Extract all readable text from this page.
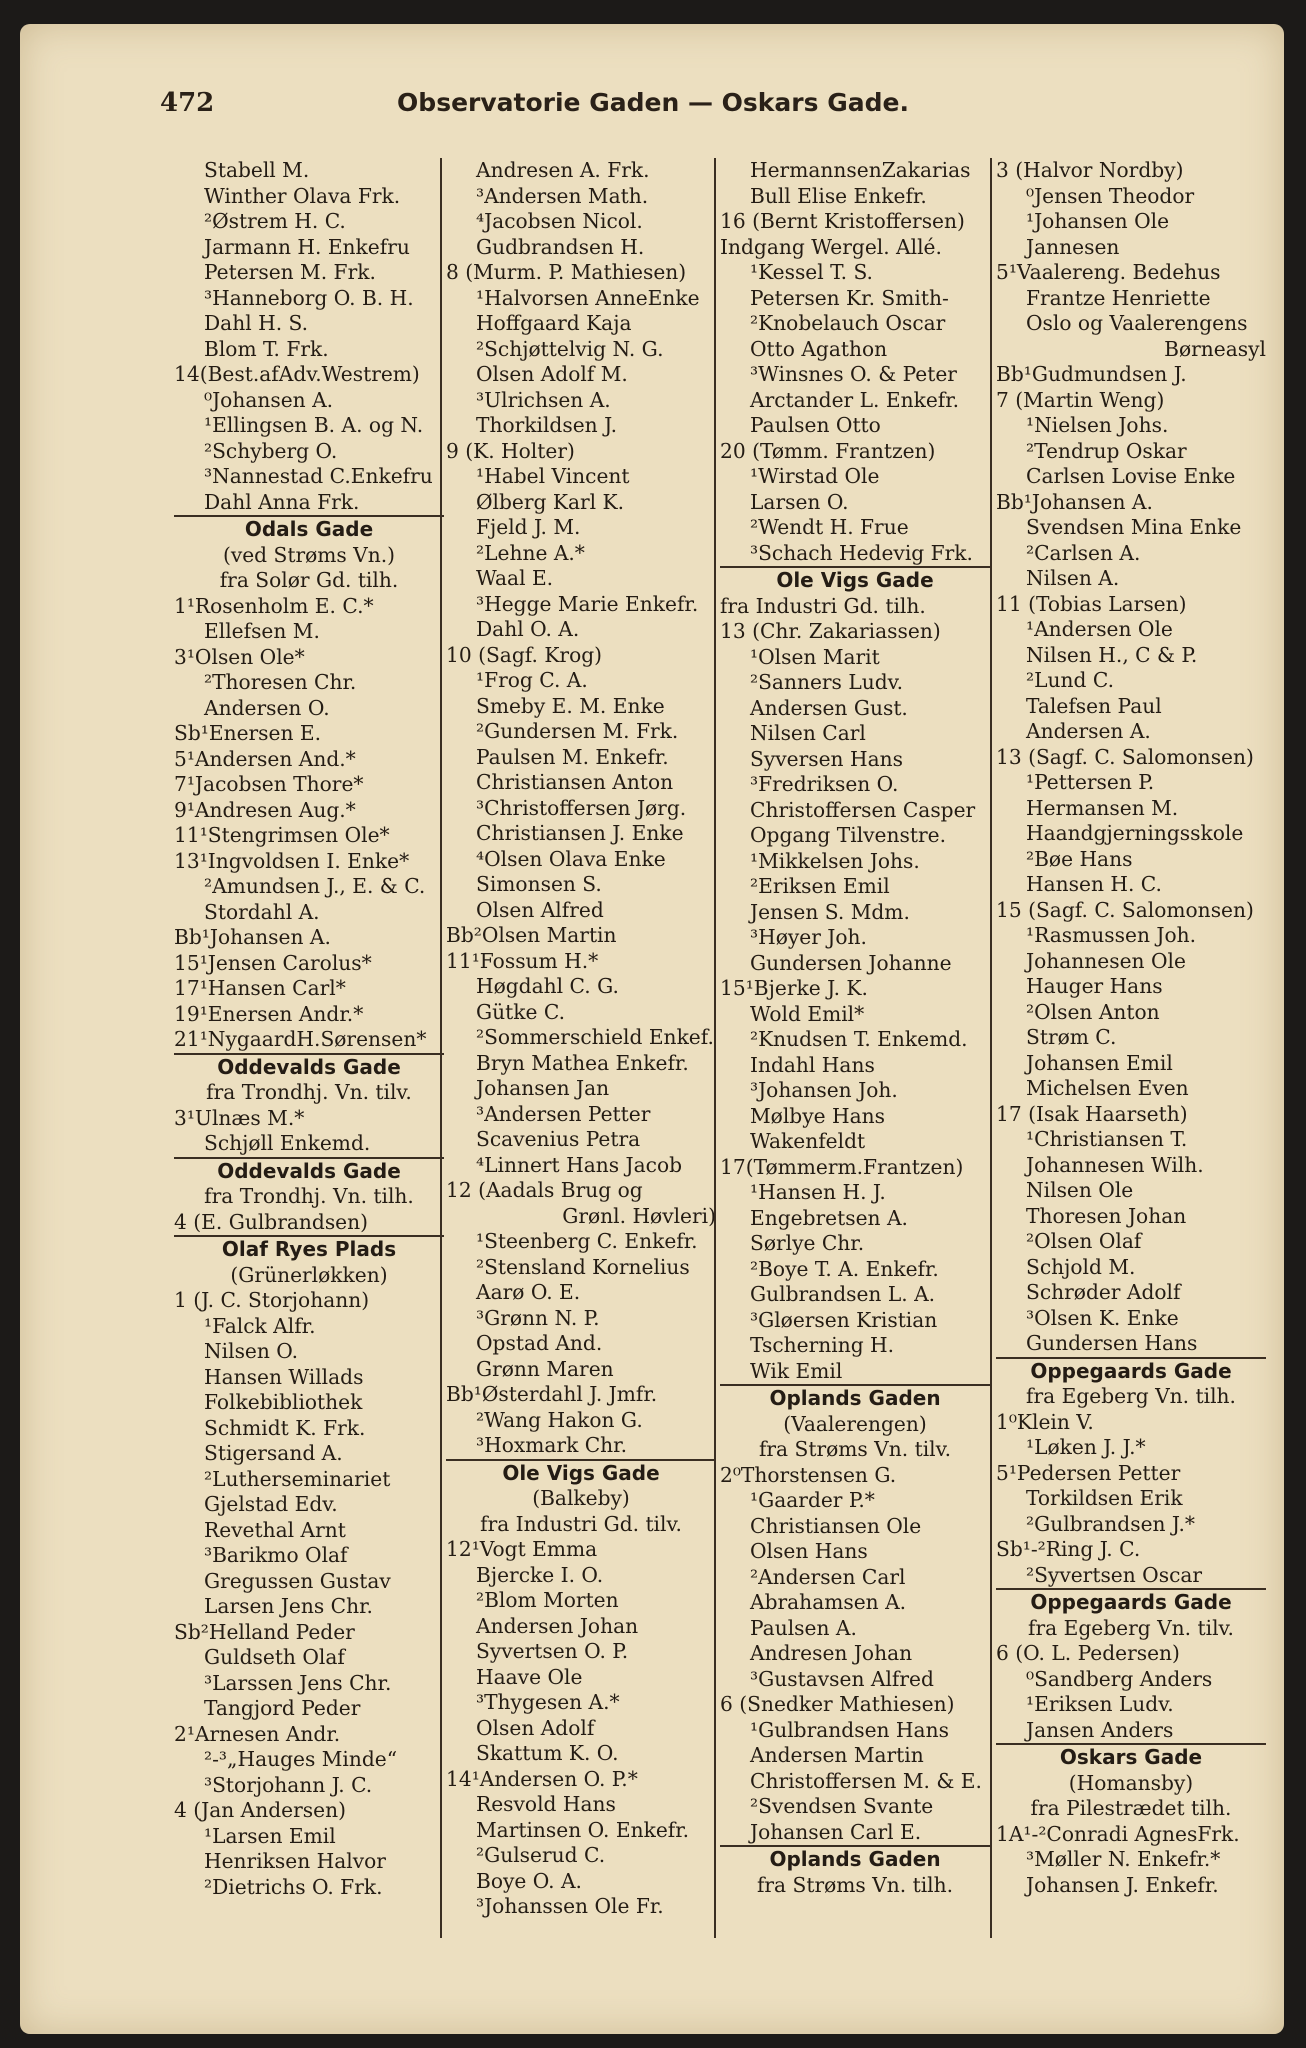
472	Observatorie Gaden — Oskars Gade.
Stabell M.
Winther Olava Frk.
²Østrem H. C.
Jarmann H. Enkefru
Petersen M. Frk.
³Hanneborg O. B. H.
Dahl H. S.
Blom T. Frk.
14(Best.afAdv.Westrem)
⁰Johansen A.
¹Ellingsen B. A. og N.
²Schyberg O.
³Nannestad C.Enkefru
Dahl Anna Frk.
Odals Gade
(ved Strøms Vn.)
fra Solør Gd. tilh.
1¹Rosenholm E. C.*
Ellefsen M.
3¹Olsen Ole*
²Thoresen Chr.
Andersen O.
Sb¹Enersen E.
5¹Andersen And.*
7¹Jacobsen Thore*
9¹Andresen Aug.*
11¹Stengrimsen Ole*
13¹Ingvoldsen I. Enke*
²Amundsen J., E. & C.
Stordahl A.
Bb¹Johansen A.
15¹Jensen Carolus*
17¹Hansen Carl*
19¹Enersen Andr.*
21¹NygaardH.Sørensen*
Oddevalds Gade
fra Trondhj. Vn. tilv.
3¹Ulnæs M.*
Schjøll Enkemd.
Oddevalds Gade
fra Trondhj. Vn. tilh.
4 (E. Gulbrandsen)
Olaf Ryes Plads
(Grünerløkken)
1 (J. C. Storjohann)
¹Falck Alfr.
Nilsen O.
Hansen Willads
Folkebibliothek
Schmidt K. Frk.
Stigersand A.
²Lutherseminariet
Gjelstad Edv.
Revethal Arnt
³Barikmo Olaf
Gregussen Gustav
Larsen Jens Chr.
Sb²Helland Peder
Guldseth Olaf
³Larssen Jens Chr.
Tangjord Peder
2¹Arnesen Andr.
²-³„Hauges Minde“
³Storjohann J. C.
4 (Jan Andersen)
¹Larsen Emil
Henriksen Halvor
²Dietrichs O. Frk.
Andresen A. Frk.
³Andersen Math.
⁴Jacobsen Nicol.
Gudbrandsen H.
8 (Murm. P. Mathiesen)
¹Halvorsen AnneEnke
Hoffgaard Kaja
²Schjøttelvig N. G.
Olsen Adolf M.
³Ulrichsen A.
Thorkildsen J.
9 (K. Holter)
¹Habel Vincent
Ølberg Karl K.
Fjeld J. M.
²Lehne A.*
Waal E.
³Hegge Marie Enkefr.
Dahl O. A.
10 (Sagf. Krog)
¹Frog C. A.
Smeby E. M. Enke
²Gundersen M. Frk.
Paulsen M. Enkefr.
Christiansen Anton
³Christoffersen Jørg.
Christiansen J. Enke
⁴Olsen Olava Enke
Simonsen S.
Olsen Alfred
Bb²Olsen Martin
11¹Fossum H.*
Høgdahl C. G.
Gütke C.
²Sommerschield Enkef.
Bryn Mathea Enkefr.
Johansen Jan
³Andersen Petter
Scavenius Petra
⁴Linnert Hans Jacob
12 (Aadals Brug og
Grønl. Høvleri)
¹Steenberg C. Enkefr.
²Stensland Kornelius
Aarø O. E.
³Grønn N. P.
Opstad And.
Grønn Maren
Bb¹Østerdahl J. Jmfr.
²Wang Hakon G.
³Hoxmark Chr.
Ole Vigs Gade
(Balkeby)
fra Industri Gd. tilv.
12¹Vogt Emma
Bjercke I. O.
²Blom Morten
Andersen Johan
Syvertsen O. P.
Haave Ole
³Thygesen A.*
Olsen Adolf
Skattum K. O.
14¹Andersen O. P.*
Resvold Hans
Martinsen O. Enkefr.
²Gulserud C.
Boye O. A.
³Johanssen Ole Fr.
HermannsenZakarias
Bull Elise Enkefr.
16 (Bernt Kristoffersen)
Indgang Wergel. Allé.
¹Kessel T. S.
Petersen Kr. Smith-
²Knobelauch Oscar
Otto Agathon
³Winsnes O. & Peter
Arctander L. Enkefr.
Paulsen Otto
20 (Tømm. Frantzen)
¹Wirstad Ole
Larsen O.
²Wendt H. Frue
³Schach Hedevig Frk.
Ole Vigs Gade
fra Industri Gd. tilh.
13 (Chr. Zakariassen)
¹Olsen Marit
²Sanners Ludv.
Andersen Gust.
Nilsen Carl
Syversen Hans
³Fredriksen O.
Christoffersen Casper
Opgang Tilvenstre.
¹Mikkelsen Johs.
²Eriksen Emil
Jensen S. Mdm.
³Høyer Joh.
Gundersen Johanne
15¹Bjerke J. K.
Wold Emil*
²Knudsen T. Enkemd.
Indahl Hans
³Johansen Joh.
Mølbye Hans
Wakenfeldt
17(Tømmerm.Frantzen)
¹Hansen H. J.
Engebretsen A.
Sørlye Chr.
²Boye T. A. Enkefr.
Gulbrandsen L. A.
³Gløersen Kristian
Tscherning H.
Wik Emil
Oplands Gaden
(Vaalerengen)
fra Strøms Vn. tilv.
2⁰Thorstensen G.
¹Gaarder P.*
Christiansen Ole
Olsen Hans
²Andersen Carl
Abrahamsen A.
Paulsen A.
Andresen Johan
³Gustavsen Alfred
6 (Snedker Mathiesen)
¹Gulbrandsen Hans
Andersen Martin
Christoffersen M. & E.
²Svendsen Svante
Johansen Carl E.
Oplands Gaden
fra Strøms Vn. tilh.
3 (Halvor Nordby)
⁰Jensen Theodor
¹Johansen Ole
Jannesen
5¹Vaalereng. Bedehus
Frantze Henriette
Oslo og Vaalerengens
Børneasyl
Bb¹Gudmundsen J.
7 (Martin Weng)
¹Nielsen Johs.
²Tendrup Oskar
Carlsen Lovise Enke
Bb¹Johansen A.
Svendsen Mina Enke
²Carlsen A.
Nilsen A.
11 (Tobias Larsen)
¹Andersen Ole
Nilsen H., C & P.
²Lund C.
Talefsen Paul
Andersen A.
13 (Sagf. C. Salomonsen)
¹Pettersen P.
Hermansen M.
Haandgjerningsskole
²Bøe Hans
Hansen H. C.
15 (Sagf. C. Salomonsen)
¹Rasmussen Joh.
Johannesen Ole
Hauger Hans
²Olsen Anton
Strøm C.
Johansen Emil
Michelsen Even
17 (Isak Haarseth)
¹Christiansen T.
Johannesen Wilh.
Nilsen Ole
Thoresen Johan
²Olsen Olaf
Schjold M.
Schrøder Adolf
³Olsen K. Enke
Gundersen Hans
Oppegaards Gade
fra Egeberg Vn. tilh.
1⁰Klein V.
¹Løken J. J.*
5¹Pedersen Petter
Torkildsen Erik
²Gulbrandsen J.*
Sb¹-²Ring J. C.
²Syvertsen Oscar
Oppegaards Gade
fra Egeberg Vn. tilv.
6 (O. L. Pedersen)
⁰Sandberg Anders
¹Eriksen Ludv.
Jansen Anders
Oskars Gade
(Homansby)
fra Pilestrædet tilh.
1A¹-²Conradi AgnesFrk.
³Møller N. Enkefr.*
Johansen J. Enkefr.
